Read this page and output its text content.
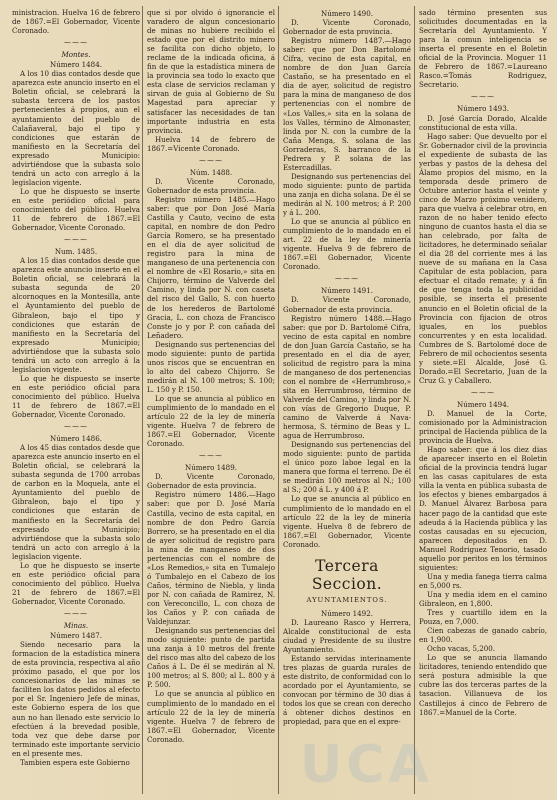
ministracion. Huelva 16 de febrero de 1867.=El Gobernador, Vicente Coronado.

⁓⁓⁓
Montes.
Número 1484.

A los 10 dias contados desde que aparezca este anuncio inserto en el Boletin oficial, se celebrará la subasta tercera de los pastos pertenecientes á propios, aun el ayuntamiento del pueblo de Calañaveral, bajo el tipo y condiciones que estarán de manifiesto en la Secretaría del expresado Municipio: advirtiéndose que la subasta solo tendrá un acto con arreglo á la legislacion vigente.

Lo que he dispuesto se inserte en este periódico oficial para conocimiento del público. Huelva 11 de febrero de 1867.=El Gobernador, Vicente Coronado.

⁓⁓⁓
Num. 1485.

A los 15 dias contados desde que aparezca este anuncio inserto en el Boletin oficial, se celebrará la subasta segunda de 20 alcornoques en la Montesilla, ante el Ayuntamiento del pueblo de Gibraleon, bajo el tipo y condiciones que estarán de manifiesto en la Secretaría del expresado Municipio; advirtiéndose que la subasta solo tendrá un acto con arreglo á la legislacion vigente.

Lo que he dispuesto se inserte en este periódico oficial para conocimiento del público. Huelva 11 de febrero de 1867.=El Gobernador, Vicente Coronado.

⁓⁓⁓
Número 1486.

A los 45 dias contados desde que aparezca este anuncio inserto en el Boletin oficial, se celebrará la subasta segunda de 1700 arrobas de carbon en la Moquela, ante el Ayuntamiento del pueblo de Gibraleon, bajo el tipo y condiciones que estarán de manifiesto en la Secretaría del expresado Municipio; advirtiéndose que la subasta solo tendrá un acto con arreglo á la legislacion vigente.

Lo que he dispuesto se inserte en este periódico oficial para conocimiento del público. Huelva 21 de febrero de 1867.=El Gobernador, Vicente Coronado.

⁓⁓⁓
Minas.
Número 1487.

Siendo necesario para la formacion de la estadística minera de esta provincia, respectiva al año próximo pasado, el que por los concesionarios de las minas se faciliten los datos pedidos al efecto por el Sr. Ingeniero Jefe de minas, este Gobierno espera de los que aun no han llenado este servicio lo efectúen á la brevedad posible, toda vez que debe darse por terminado este importante servicio en el presente mes.

Tambien espera este Gobierno

que si por olvido ó ignorancie el varadero de algun concesionario de minas no hubiere recibido el estado que por el distrito minero se facilita con dicho objeto, lo reclame de la indicada oficina, á fin de que la estadística minera de la provincia sea todo lo exacto que esta clase de servicios reclaman y sirvan de guia al Gobierno de Su Magestad para apreciar y satisfacer las necesidades de tan importante industria en esta provincia.

Huelva 14 de febrero de 1867.=Vicente Coronado.

⁓⁓⁓
Núm. 1488.

D. Vicente Coronado, Gobernador de esta provincia.

Registro número 1485.—Hago saber: que por Don José María Castilla y Cauto, vecino de esta capital, en nombre de don Pedro García Romero, se ha presentado en el dia de ayer solicitud de registro para la mina de manganeso de una pertenencia con el nombre de «El Rosario,» sita en Chijorro, término de Valverde del Camino, y linda por N. con caseta del risco del Gallo, S. con huerto de los herederos de Bartolomé Gracia, L. con choza de Francisco Conste jo y por P. con cañada del Leñadero.

Designando sus pertenencias del modo siguiente: punto de partida unos riscos que se encuentran en lo alto del cabezo Chijorro. Se medirán al N. 100 metros; S. 100; L. 150 y P. 150.

Lo que se anuncia al público en cumplimiento de lo mandado en el artículo 22 de la ley de minería vigente. Huelva 7 de febrero de 1867.=El Gobernador, Vicente Coronado.

⁓⁓⁓
Número 1489.

D. Vicente Coronado, Gobernador de esta provincia.

Registro número 1486.—Hago saber: que por D. José María Castilla, vecino de esta capital, en nombre de don Pedro García Borrero, se ha presentado en el dia de ayer solicitud de registro para la mina de manganeso de dos pertenencias con el nombre de «Los Remedios,» sita en Tumalejo ó Tumbalejo en el Cabezo de los Caños, término de Niebla, y linda por N. con cañada de Ramirez, N. con Vereconcillo, L. con choza de los Caños y P. con cañada de Valdejunzar.

Designando sus pertenencias del modo siguiente: punto de partida una zanja á 10 metros del frente del risco mas alto del cabezo de los Caños á L. De él se medirán al N. 100 metros; al S. 800; al L. 800 y á P. 500.

Lo que se anuncia al público en cumplimiento de lo mandado en el artículo 22 de la ley de minería vigente. Huelva 7 de febrero de 1867.=El Gobernador, Vicente Coronado.

Número 1490.

D. Vicente Coronado, Gobernador de esta provincia.

Registro número 1487.—Hago saber: que por Don Bartolomé Cifra, vecino de esta capital, en nombre de don Juan García Castaño, se ha presentado en el dia de ayer, solicitud de registro para la mina de manganeso de dos pertenencias con el nombre de «Los Valles,» sita en la solana de los Valles, término de Almonaster, linda por N. con la cumbre de la Caña Menga, S. solana de las Gorraderas, S. barranco de la Pedrera y P. solana de las Estercadillas.

Designando sus pertenencias del modo siguiente: punto de partida una zanja en dicha solana. De él se medirán al N. 100 metros; á P. 200 y á L. 200.

Lo que se anuncia al público en cumplimiento de lo mandado en el art. 22 de la ley de minería vigente. Huelva 9 de febrero de 1867.=El Gobernador, Vicente Coronado.

⁓⁓⁓
Número 1491.

D. Vicente Coronado, Gobernador de esta provincia.

Registro número 1488.—Hago saber: que por D. Bartolomé Cifra, vecino de esta capital en nombre de don Juan García Castaño, se ha presentado en el dia de ayer, solicitud de registro para la mina de manganeso de dos pertenencias con el nombre de «Herrumbroso,» sita en Herrumbroso, término de Valverde del Camino, y linda por N. con vías de Gregorio Duque, P. camino de Valverde á Nava-hermosa, S. término de Beas y L. agua de Herrumbroso.

Designando sus pertenencias del modo siguiente: punto de partida el único pozo laboe legal en la manera que forma el terreno. De él se medirán 100 metros al N.; 100 al S.; 200 á L. y 400 á P.

Lo que se anuncia al público en cumplimiento de lo mandado en el artículo 22 de la ley de minería vigente. Huelva 8 de febrero de 1867.=El Gobernador, Vicente Coronado.

Tercera Seccion.
AYUNTAMIENTOS.
Número 1492.

D. Laureano Rasco y Herrera, Alcalde constitucional de esta ciudad y Presidente de su ilustre Ayuntamiento.

Estando servidas interinamente tres plazas de guarda rurales de este distrito, de conformidad con lo acordado por el Ayuntamiento, se convocan por término de 30 dias á todos los que se crean con derecho á obtener dichos destinos en propiedad, para que en el expre-

sado término presenten sus solicitudes documentadas en la Secretaría del Ayuntamiento. Y para la comun inteligencia se inserta el presente en el Boletin oficial de la Provincia. Moguer 11 de Febrero de 1867.=Laureano Rasco.=Tomás Rodriguez, Secretario.

⁓⁓⁓
Número 1493.

D. José García Dorado, Alcalde constitucional de esta villa.

Hago saber: Que devuelto por el Sr. Gobernador civil de la provincia el expediente de subasta de las yerbas y pastos de la dehesa del Álamo propios del mismo, en la temporada desde primero de Octubre anterior hasta el veinte y cinco de Marzo próximo venidero, para que vuelva á celebrar otro, en razon de no haber tenido efecto ninguno de cuantos hasta el dia se han celebrado, por falta de licitadores, he determinado señalar el dia 28 del corriente mes á las nueve de su mañana en la Casa Capitular de esta poblacion, para efectuar el citado remate; y á fin de que tenga toda la publicidad posible, se inserta el presente anuncio en el Boletin oficial de la Provincia con fijacion de otros iguales, en los pueblos concurrentes y en esta localidad. Cumbres de S. Bartolomé doce de Febrero de mil ochocientos sesenta y siete.=El Alcalde, José G. Dorado.=El Secretario, Juan de la Cruz G. y Caballero.

⁓⁓⁓
Número 1494.

D. Manuel de la Corte, comisionado por la Administracion principal de Hacienda pública de la provincia de Huelva.

Hago saber: que á los diez dias de aparecer inserto en el Boletin oficial de la provincia tendrá lugar en las casas capitulares de esta villa la venta en pública subasta de los efectos y bienes embargados á D. Manuel Álvarez Barbosa para hacer pago de la cantidad que este adeuda á la Hacienda pública y las costas causadas en su ejecucion, aparecen depositados en D. Manuel Rodriguez Tenorio, tasado aquello por peritos en los términos siguientes:

Una y media fanega tierra calma en 5,000 rs.

Una y media idem en el camino Gibraleon, en 1,800.

Tres y cuartillo idem en la Pouza, en 7,000.

Cien cabezas de ganado cabrío, en 1,900.

Ocho vacas, 5,200.

Lo que se anuncia llamando licitadores, teniendo entendido que será postura admisible la que cubre las dos terceras partes de la tasacion. Villanueva de los Castillejos á cinco de Febrero de 1867.=Manuel de la Corte.

UCA
